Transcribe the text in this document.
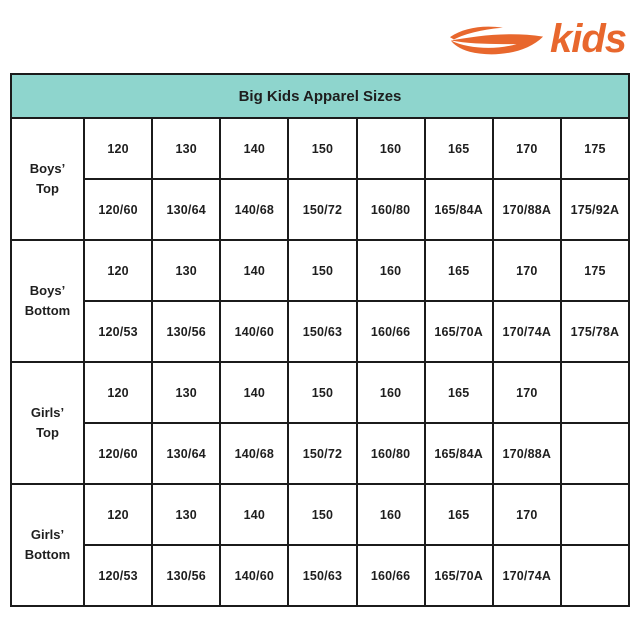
kids
Big Kids Apparel Sizes								
Boys’
Top	120	130	140	150	160	165	170	175
	120/60	130/64	140/68	150/72	160/80	165/84A	170/88A	175/92A
Boys’
Bottom	120	130	140	150	160	165	170	175
	120/53	130/56	140/60	150/63	160/66	165/70A	170/74A	175/78A
Girls’
Top	120	130	140	150	160	165	170	
	120/60	130/64	140/68	150/72	160/80	165/84A	170/88A	
Girls’
Bottom	120	130	140	150	160	165	170	
	120/53	130/56	140/60	150/63	160/66	165/70A	170/74A	
